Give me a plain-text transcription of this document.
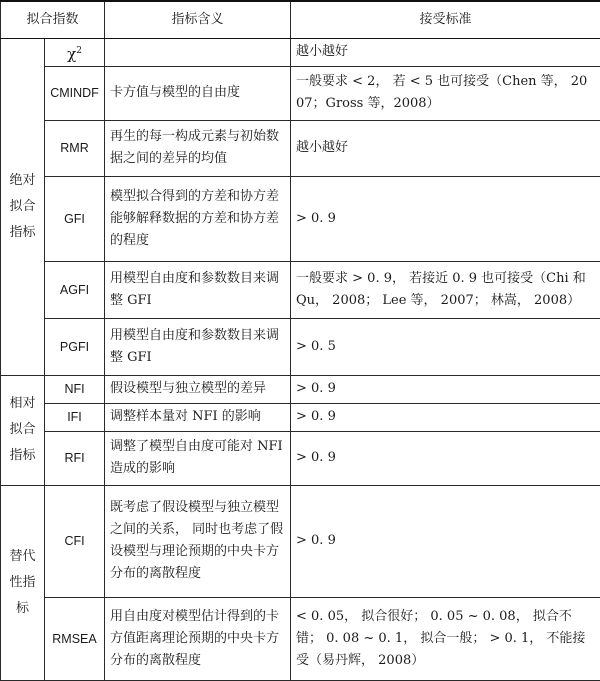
拟合指数		指标含义	接受标准
绝对拟合指标	$\chi^2$		越小越好
	CMINDF	卡方值与模型的自由度	一般要求 < 2， 若 < 5 也可接受（Chen 等， 2007；Gross 等，2008）
	RMR	再生的每一构成元素与初始数据之间的差异的均值	越小越好
	GFI	模型拟合得到的方差和协方差能够解释数据的方差和协方差的程度	> 0. 9
	AGFI	用模型自由度和参数数目来调整 GFI	一般要求 > 0. 9， 若接近 0. 9 也可接受（Chi 和 Qu， 2008； Lee 等， 2007； 林嵩， 2008）
	PGFI	用模型自由度和参数数目来调整 GFI	> 0. 5
相对拟合指标	NFI	假设模型与独立模型的差异	> 0. 9
	IFI	调整样本量对 NFI 的影响	> 0. 9
	RFI	调整了模型自由度可能对 NFI 造成的影响	> 0. 9
替代性指标	CFI	既考虑了假设模型与独立模型之间的关系， 同时也考虑了假设模型与理论预期的中央卡方分布的离散程度	> 0. 9
	RMSEA	用自由度对模型估计得到的卡方值距离理论预期的中央卡方分布的离散程度	< 0. 05， 拟合很好； 0. 05 ~ 0. 08， 拟合不错； 0. 08 ~ 0. 1， 拟合一般； > 0. 1， 不能接受（易丹辉， 2008）
